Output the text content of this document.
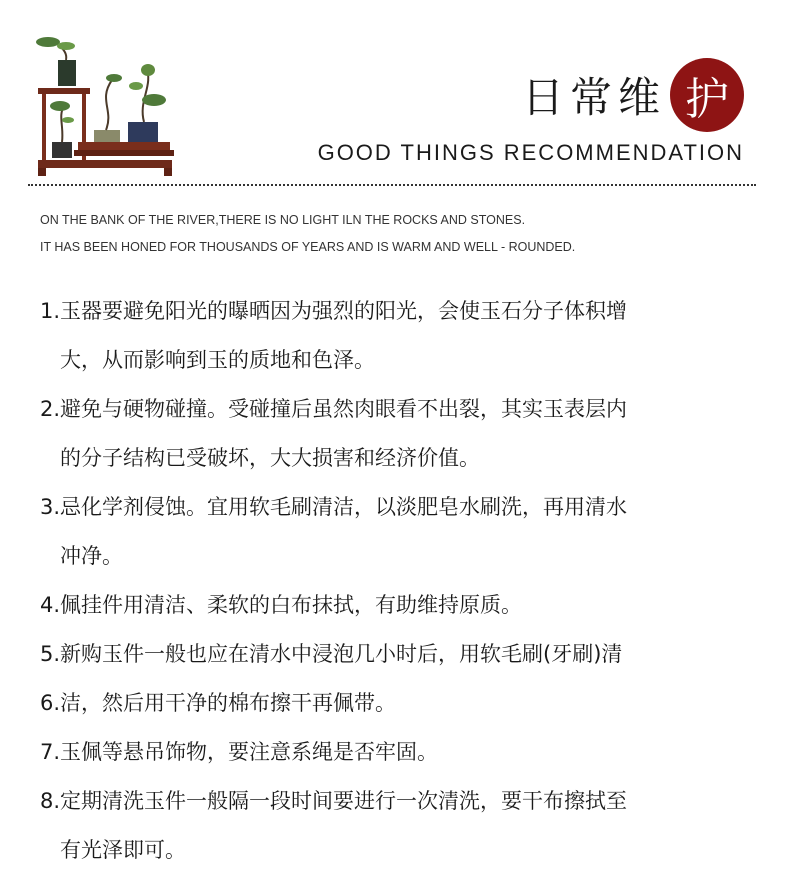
日常维 护
GOOD THINGS RECOMMENDATION
ON THE BANK OF THE RIVER,THERE IS NO LIGHT ILN THE ROCKS AND STONES.
IT HAS BEEN HONED FOR THOUSANDS OF YEARS AND IS WARM AND WELL - ROUNDED.
1. 玉器要避免阳光的曝晒因为强烈的阳光，会使玉石分子体积增
大，从而影响到玉的质地和色泽。
2. 避免与硬物碰撞。受碰撞后虽然肉眼看不出裂，其实玉表层内
的分子结构已受破坏，大大损害和经济价值。
3. 忌化学剂侵蚀。宜用软毛刷清洁，以淡肥皂水刷洗，再用清水
冲净。
4. 佩挂件用清洁、柔软的白布抹拭，有助维持原质。
5. 新购玉件一般也应在清水中浸泡几小时后，用软毛刷(牙刷)清
6. 洁，然后用干净的棉布擦干再佩带。
7. 玉佩等悬吊饰物，要注意系绳是否牢固。
8. 定期清洗玉件一般隔一段时间要进行一次清洗，要干布擦拭至
有光泽即可。
